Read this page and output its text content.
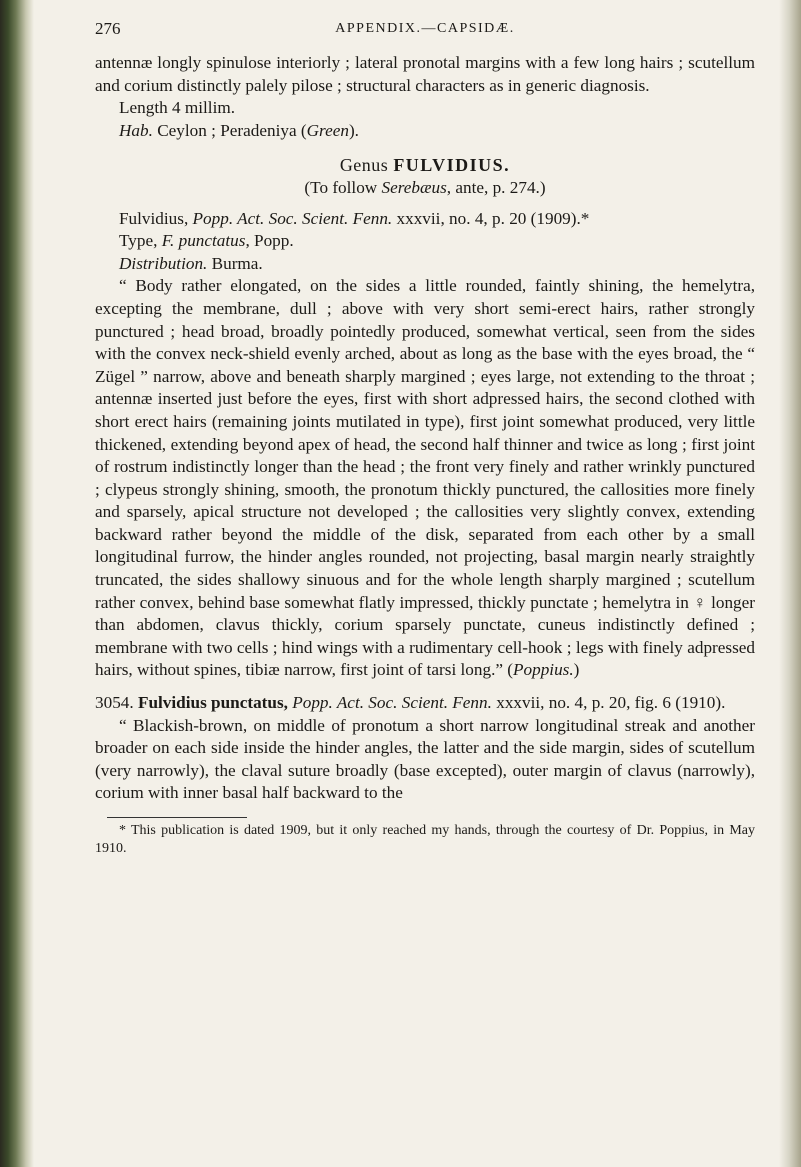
276	APPENDIX.—CAPSIDÆ.

antennæ longly spinulose interiorly ; lateral pronotal margins with a few long hairs ; scutellum and corium distinctly palely pilose ; structural characters as in generic diagnosis.

Length 4 millim.

Hab. Ceylon ; Peradeniya (Green).

Genus FULVIDIUS.

(To follow Serebæus, ante, p. 274.)

Fulvidius, Popp. Act. Soc. Scient. Fenn. xxxvii, no. 4, p. 20 (1909).*

Type, F. punctatus, Popp.

Distribution. Burma.

“ Body rather elongated, on the sides a little rounded, faintly shining, the hemelytra, excepting the membrane, dull ; above with very short semi-erect hairs, rather strongly punctured ; head broad, broadly pointedly produced, somewhat vertical, seen from the sides with the convex neck-shield evenly arched, about as long as the base with the eyes broad, the “ Zügel ” narrow, above and beneath sharply margined ; eyes large, not extending to the throat ; antennæ inserted just before the eyes, first with short adpressed hairs, the second clothed with short erect hairs (remaining joints mutilated in type), first joint somewhat produced, very little thickened, extending beyond apex of head, the second half thinner and twice as long ; first joint of rostrum indistinctly longer than the head ; the front very finely and rather wrinkly punctured ; clypeus strongly shining, smooth, the pronotum thickly punctured, the callosities more finely and sparsely, apical structure not developed ; the callosities very slightly convex, extending backward rather beyond the middle of the disk, separated from each other by a small longitudinal furrow, the hinder angles rounded, not projecting, basal margin nearly straightly truncated, the sides shallowy sinuous and for the whole length sharply margined ; scutellum rather convex, behind base somewhat flatly impressed, thickly punctate ; hemelytra in ♀ longer than abdomen, clavus thickly, corium sparsely punctate, cuneus indistinctly defined ; membrane with two cells ; hind wings with a rudimentary cell-hook ; legs with finely adpressed hairs, without spines, tibiæ narrow, first joint of tarsi long.” (Poppius.)

3054. Fulvidius punctatus, Popp. Act. Soc. Scient. Fenn. xxxvii, no. 4, p. 20, fig. 6 (1910).

“ Blackish-brown, on middle of pronotum a short narrow longitudinal streak and another broader on each side inside the hinder angles, the latter and the side margin, sides of scutellum (very narrowly), the claval suture broadly (base excepted), outer margin of clavus (narrowly), corium with inner basal half backward to the

* This publication is dated 1909, but it only reached my hands, through the courtesy of Dr. Poppius, in May 1910.
